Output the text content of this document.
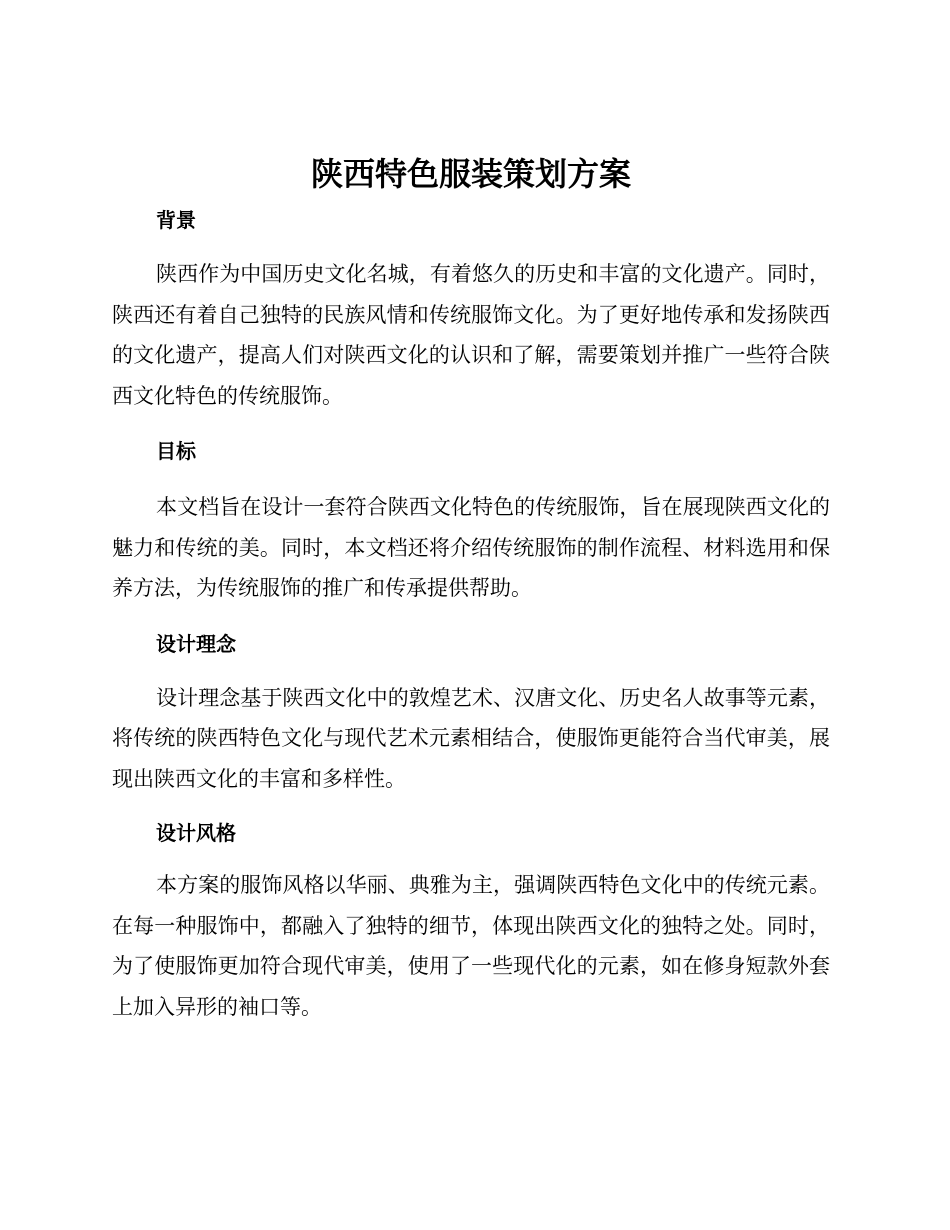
陕西特色服装策划方案
背景

陕西作为中国历史文化名城，有着悠久的历史和丰富的文化遗产。同时，陕西还有着自己独特的民族风情和传统服饰文化。为了更好地传承和发扬陕西的文化遗产，提高人们对陕西文化的认识和了解，需要策划并推广一些符合陕西文化特色的传统服饰。

目标

本文档旨在设计一套符合陕西文化特色的传统服饰，旨在展现陕西文化的魅力和传统的美。同时，本文档还将介绍传统服饰的制作流程、材料选用和保养方法，为传统服饰的推广和传承提供帮助。

设计理念

设计理念基于陕西文化中的敦煌艺术、汉唐文化、历史名人故事等元素，将传统的陕西特色文化与现代艺术元素相结合，使服饰更能符合当代审美，展现出陕西文化的丰富和多样性。

设计风格

本方案的服饰风格以华丽、典雅为主，强调陕西特色文化中的传统元素。在每一种服饰中，都融入了独特的细节，体现出陕西文化的独特之处。同时，为了使服饰更加符合现代审美，使用了一些现代化的元素，如在修身短款外套上加入异形的袖口等。
